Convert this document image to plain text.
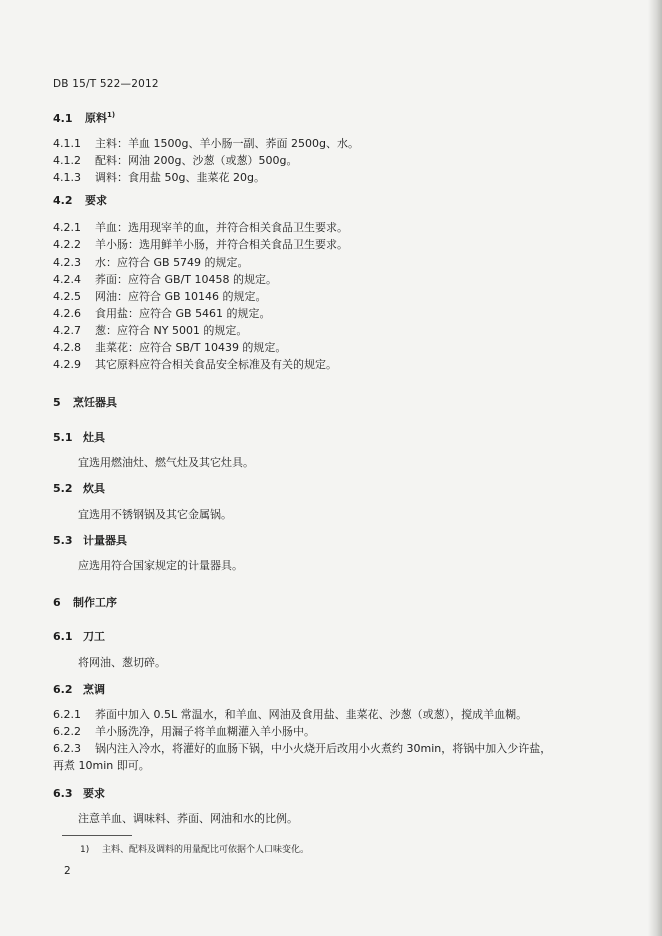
DB 15/T 522—2012
4.1 原料$^{1)}$
4.1.1 主料：羊血 1500g、羊小肠一副、荞面 2500g、水。
4.1.2 配料：网油 200g、沙葱（或葱）500g。
4.1.3 调料：食用盐 50g、韭菜花 20g。
4.2 要求
4.2.1 羊血：选用现宰羊的血，并符合相关食品卫生要求。
4.2.2 羊小肠：选用鲜羊小肠，并符合相关食品卫生要求。
4.2.3 水：应符合 GB 5749 的规定。
4.2.4 荞面：应符合 GB/T 10458 的规定。
4.2.5 网油：应符合 GB 10146 的规定。
4.2.6 食用盐：应符合 GB 5461 的规定。
4.2.7 葱：应符合 NY 5001 的规定。
4.2.8 韭菜花：应符合 SB/T 10439 的规定。
4.2.9 其它原料应符合相关食品安全标准及有关的规定。
5 烹饪器具
5.1 灶具
宜选用燃油灶、燃气灶及其它灶具。
5.2 炊具
宜选用不锈钢锅及其它金属锅。
5.3 计量器具
应选用符合国家规定的计量器具。
6 制作工序
6.1 刀工
将网油、葱切碎。
6.2 烹调
6.2.1 荞面中加入 0.5L 常温水，和羊血、网油及食用盐、韭菜花、沙葱（或葱），搅成羊血糊。
6.2.2 羊小肠洗净，用漏子将羊血糊灌入羊小肠中。
6.2.3 锅内注入冷水，将灌好的血肠下锅，中小火烧开后改用小火煮约 30min，将锅中加入少许盐，
再煮 10min 即可。
6.3 要求
注意羊血、调味料、荞面、网油和水的比例。
1) 主料、配料及调料的用量配比可依据个人口味变化。
2
